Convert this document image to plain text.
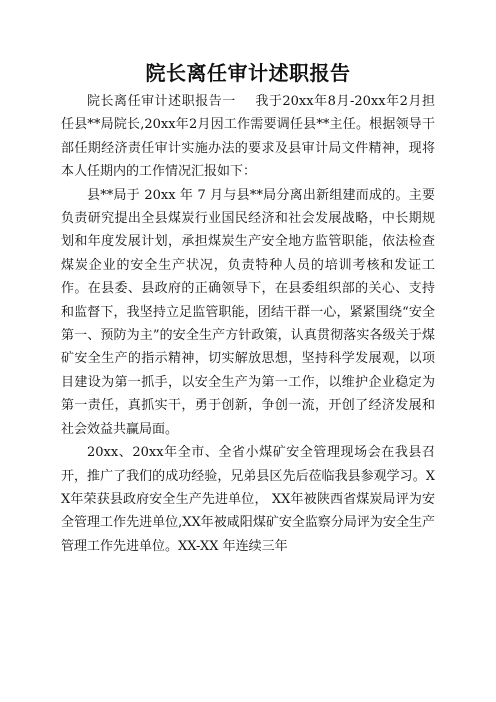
院长离任审计述职报告

院长离任审计述职报告一 我于20xx年8月-20xx年2月担任县**局院长,20xx年2月因工作需要调任县**主任。根据领导干部任期经济责任审计实施办法的要求及县审计局文件精神，现将本人任期内的工作情况汇报如下：

县**局于 20xx 年 7 月与县**局分离出新组建而成的。主要负责研究提出全县煤炭行业国民经济和社会发展战略，中长期规划和年度发展计划，承担煤炭生产安全地方监管职能，依法检查煤炭企业的安全生产状况，负责特种人员的培训考核和发证工作。在县委、县政府的正确领导下，在县委组织部的关心、支持和监督下，我坚持立足监管职能，团结干群一心，紧紧围绕“安全第一、预防为主”的安全生产方针政策，认真贯彻落实各级关于煤矿安全生产的指示精神，切实解放思想，坚持科学发展观，以项目建设为第一抓手，以安全生产为第一工作，以维护企业稳定为第一责任，真抓实干，勇于创新，争创一流，开创了经济发展和社会效益共赢局面。

20xx、20xx年全市、全省小煤矿安全管理现场会在我县召开，推广了我们的成功经验，兄弟县区先后莅临我县参观学习。XX年荣获县政府安全生产先进单位， XX年被陕西省煤炭局评为安全管理工作先进单位,XX年被咸阳煤矿安全监察分局评为安全生产管理工作先进单位。XX-XX 年连续三年
